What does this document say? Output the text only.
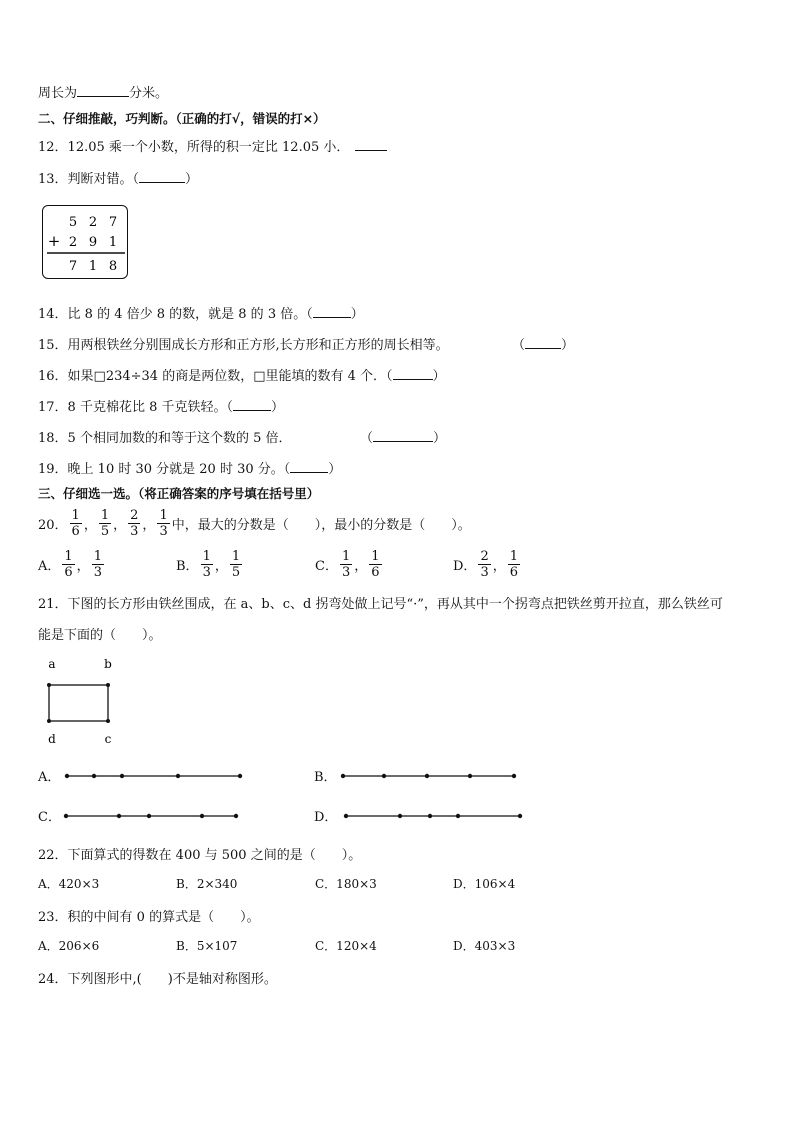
周长为	分米。
二、仔细推敲，巧判断。（正确的打√，错误的打×）
12．12.05 乘一个小数，所得的积一定比 12.05 小．
13．判断对错。（	）
5 2 7
+ 2 9 1
7 1 8
14．比 8 的 4 倍少 8 的数，就是 8 的 3 倍。（	）
15．用两根铁丝分别围成长方形和正方形,长方形和正方形的周长相等。	（	）
16．如果□234÷34 的商是两位数，□里能填的数有 4 个．（	）
17．8 千克棉花比 8 千克铁轻。（	）
18．5 个相同加数的和等于这个数的 5 倍．	（	）
19．晚上 10 时 30 分就是 20 时 30 分。（	）
三、仔细选一选。（将正确答案的序号填在括号里）
20． $\frac{1}{6}$ ， $\frac{1}{5}$ ， $\frac{2}{3}$ ， $\frac{1}{3}$ 中，最大的分数是（ ），最小的分数是（ ）。
A． $\frac{1}{6}$ ， $\frac{1}{3}$	B． $\frac{1}{3}$ ， $\frac{1}{5}$	C． $\frac{1}{3}$ ， $\frac{1}{6}$	D． $\frac{2}{3}$ ， $\frac{1}{6}$
21．下图的长方形由铁丝围成，在 a、b、c、d 拐弯处做上记号“·”，再从其中一个拐弯点把铁丝剪开拉直，那么铁丝可
能是下面的（　　）。
a	b
d	c
A．	B．
C．	D．
22．下面算式的得数在 400 与 500 之间的是（　　）。
A．420×3	B．2×340	C．180×3	D．106×4
23．积的中间有 0 的算式是（　　）。
A．206×6	B．5×107	C．120×4	D．403×3
24．下列图形中,(　　)不是轴对称图形。
